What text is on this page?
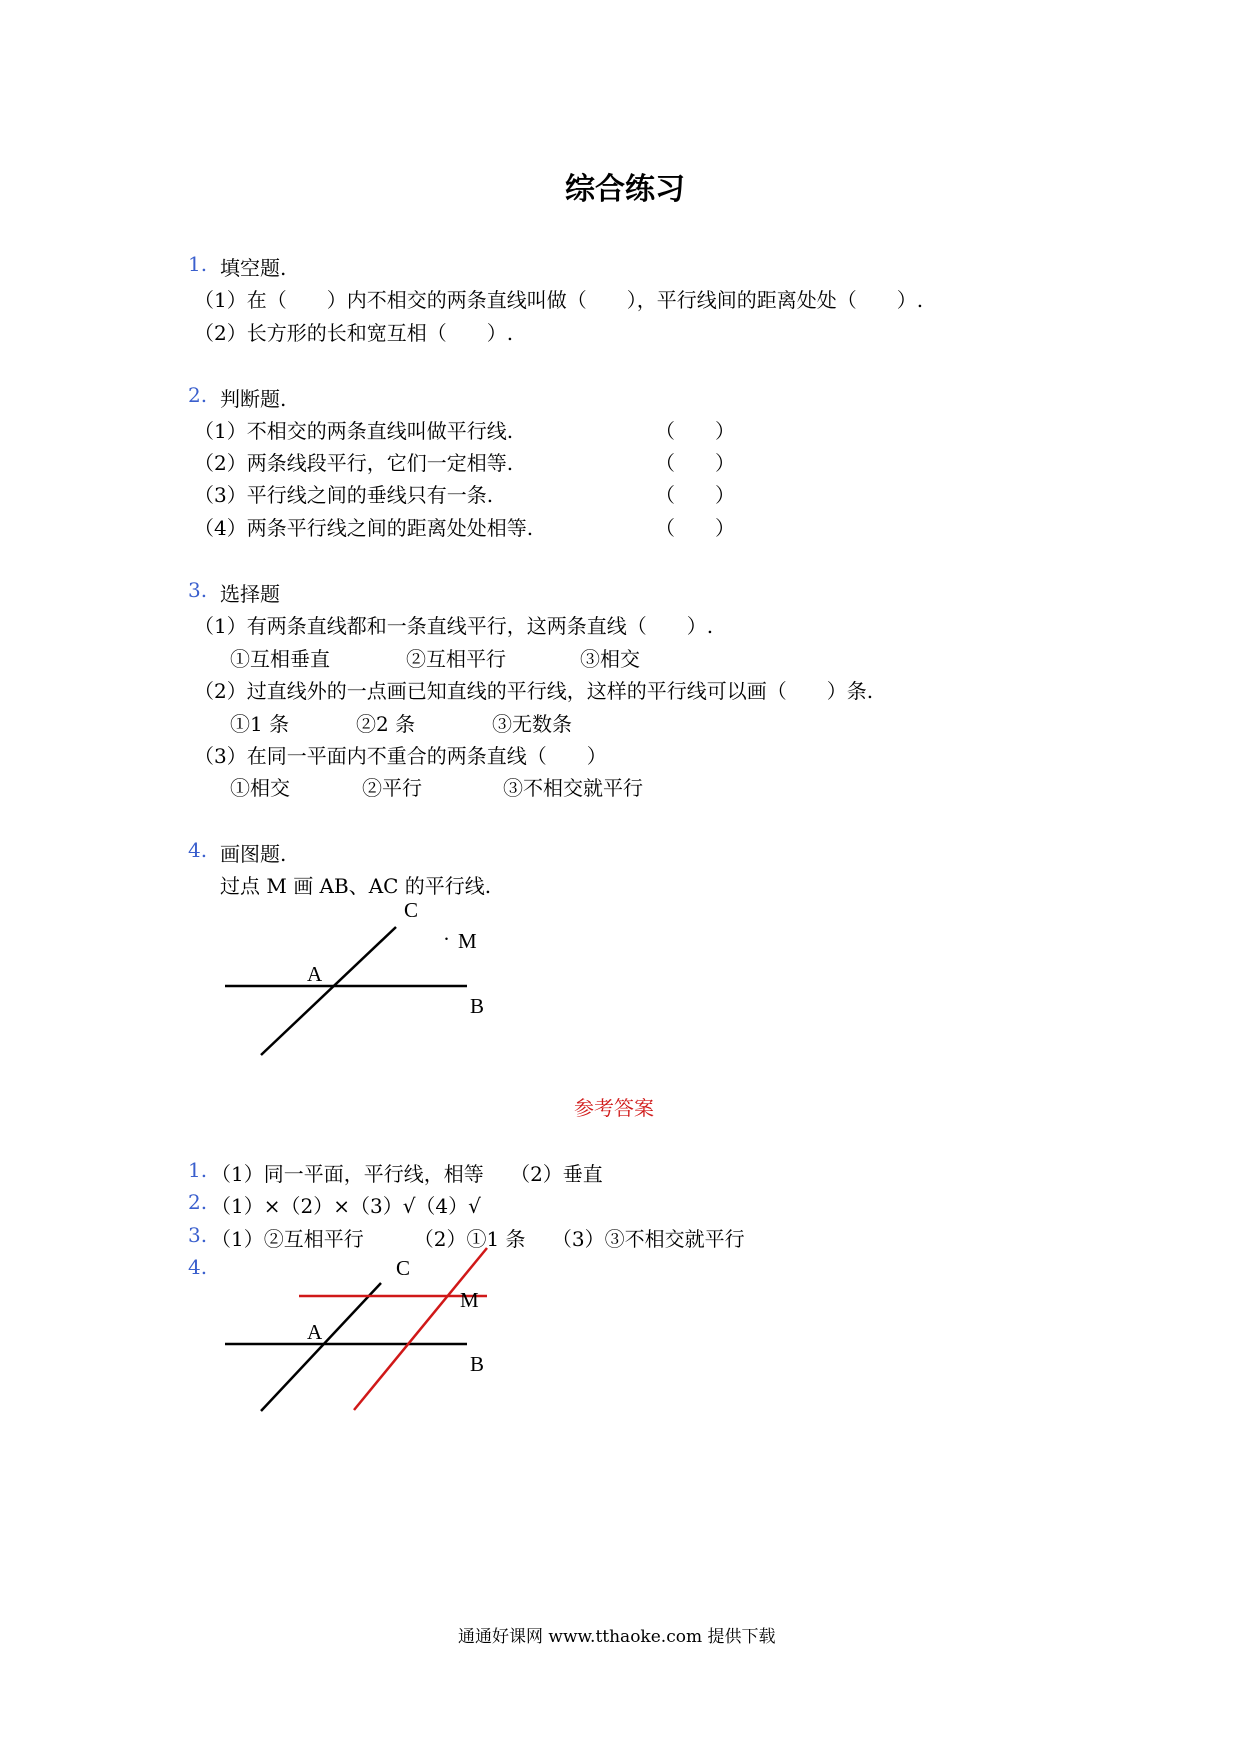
综合练习
1. 填空题.
（1）在（　　）内不相交的两条直线叫做（　　），平行线间的距离处处（　　）.
（2）长方形的长和宽互相（　　）.
2. 判断题.
（1）不相交的两条直线叫做平行线.	（　　）
（2）两条线段平行，它们一定相等.	（　　）
（3）平行线之间的垂线只有一条.	（　　）
（4）两条平行线之间的距离处处相等.	（　　）
3. 选择题
（1）有两条直线都和一条直线平行，这两条直线（　　）.
①互相垂直	②互相平行	③相交
（2）过直线外的一点画已知直线的平行线，这样的平行线可以画（　　）条.
①1 条	②2 条	③无数条
（3）在同一平面内不重合的两条直线（　　）
①相交	②平行	③不相交就平行
4. 画图题.
过点 M 画 AB、AC 的平行线.
C
· M
A
B
参考答案
1. （1）同一平面，平行线，相等　 （2）垂直
2. （1）×（2）×（3）√（4）√
3. （1）②互相平行　　　（2）①1 条　 （3）③不相交就平行
4.	C
M
A
B
通通好课网 www.tthaoke.com 提供下载
